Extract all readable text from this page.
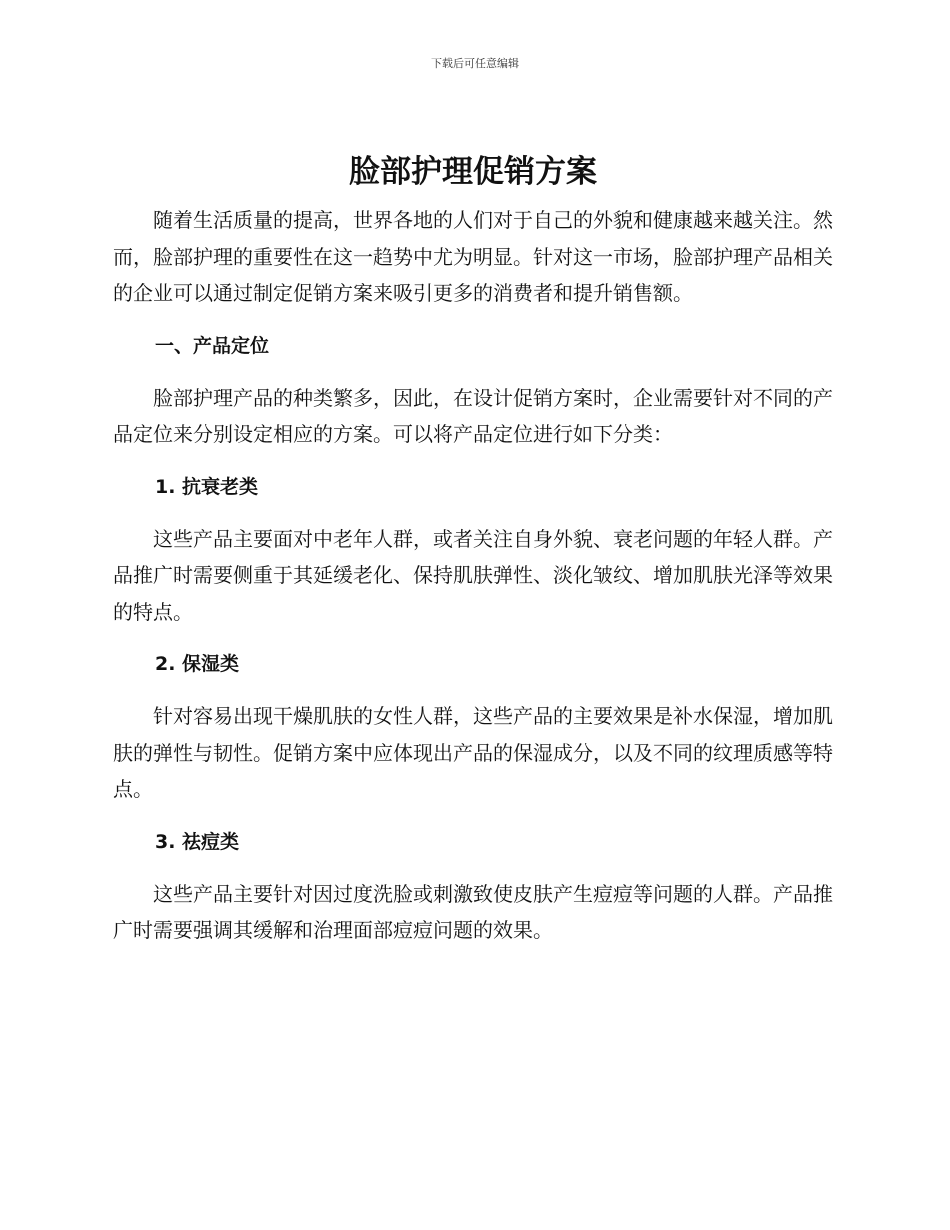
下载后可任意编辑
脸部护理促销方案

随着生活质量的提高，世界各地的人们对于自己的外貌和健康越来越关注。然而，脸部护理的重要性在这一趋势中尤为明显。针对这一市场，脸部护理产品相关的企业可以通过制定促销方案来吸引更多的消费者和提升销售额。

一、产品定位

脸部护理产品的种类繁多，因此，在设计促销方案时，企业需要针对不同的产品定位来分别设定相应的方案。可以将产品定位进行如下分类：

1. 抗衰老类

这些产品主要面对中老年人群，或者关注自身外貌、衰老问题的年轻人群。产品推广时需要侧重于其延缓老化、保持肌肤弹性、淡化皱纹、增加肌肤光泽等效果的特点。

2. 保湿类

针对容易出现干燥肌肤的女性人群，这些产品的主要效果是补水保湿，增加肌肤的弹性与韧性。促销方案中应体现出产品的保湿成分，以及不同的纹理质感等特点。

3. 祛痘类

这些产品主要针对因过度洗脸或刺激致使皮肤产生痘痘等问题的人群。产品推广时需要强调其缓解和治理面部痘痘问题的效果。
